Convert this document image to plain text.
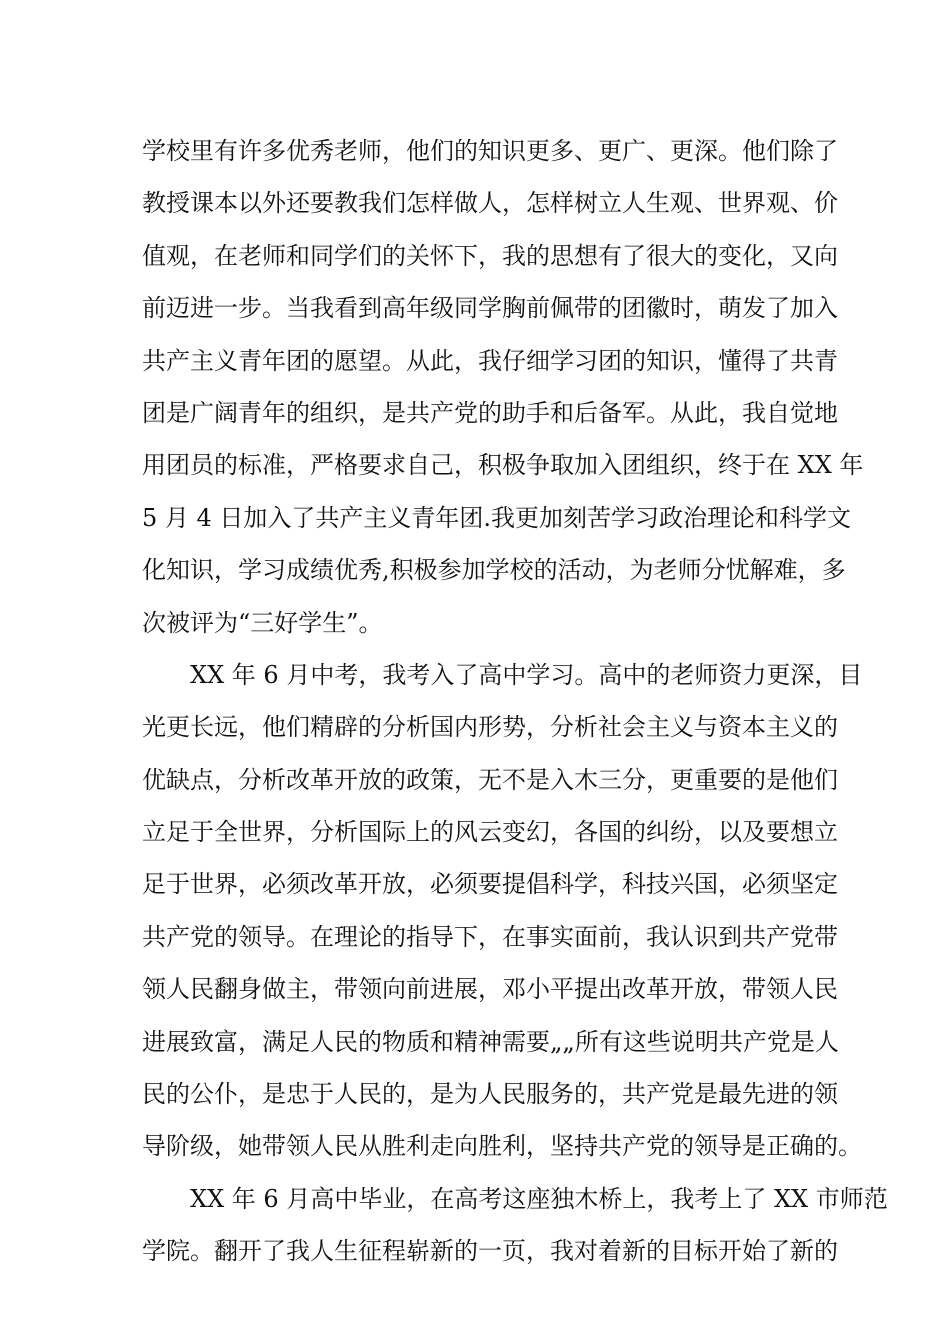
学校里有许多优秀老师，他们的知识更多、更广、更深。他们除了
教授课本以外还要教我们怎样做人，怎样树立人生观、世界观、价
值观，在老师和同学们的关怀下，我的思想有了很大的变化，又向
前迈进一步。当我看到高年级同学胸前佩带的团徽时，萌发了加入
共产主义青年团的愿望。从此，我仔细学习团的知识，懂得了共青
团是广阔青年的组织，是共产党的助手和后备军。从此，我自觉地
用团员的标准，严格要求自己，积极争取加入团组织，终于在 XX 年
5 月 4 日加入了共产主义青年团.我更加刻苦学习政治理论和科学文
化知识，学习成绩优秀,积极参加学校的活动，为老师分忧解难，多
次被评为“三好学生”。
XX 年 6 月中考，我考入了高中学习。高中的老师资力更深，目
光更长远，他们精辟的分析国内形势，分析社会主义与资本主义的
优缺点，分析改革开放的政策，无不是入木三分，更重要的是他们
立足于全世界，分析国际上的风云变幻，各国的纠纷，以及要想立
足于世界，必须改革开放，必须要提倡科学，科技兴国，必须坚定
共产党的领导。在理论的指导下，在事实面前，我认识到共产党带
领人民翻身做主，带领向前进展，邓小平提出改革开放，带领人民
进展致富，满足人民的物质和精神需要„„所有这些说明共产党是人
民的公仆，是忠于人民的，是为人民服务的，共产党是最先进的领
导阶级，她带领人民从胜利走向胜利，坚持共产党的领导是正确的。
XX 年 6 月高中毕业，在高考这座独木桥上，我考上了 XX 市师范
学院。翻开了我人生征程崭新的一页，我对着新的目标开始了新的
